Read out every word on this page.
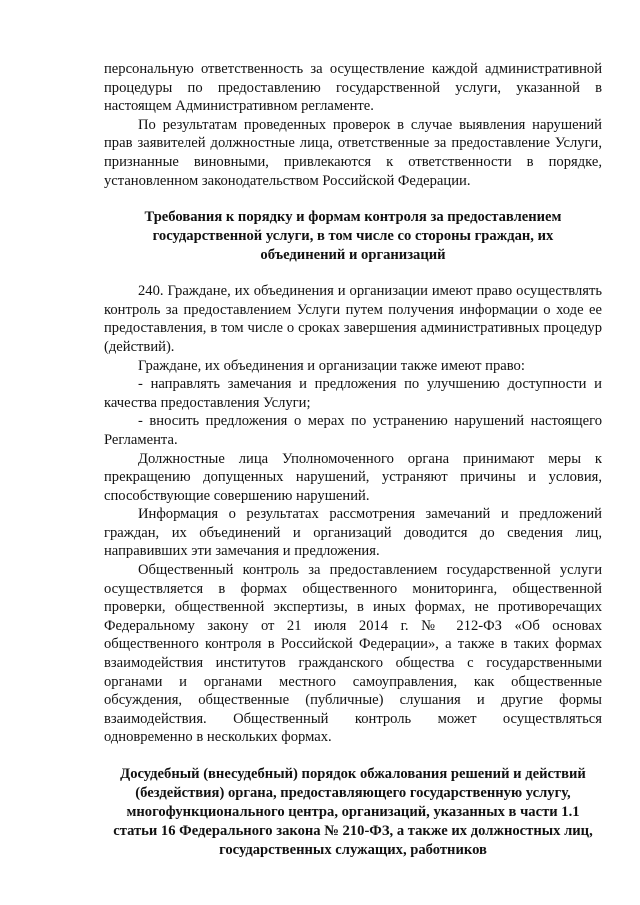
персональную ответственность за осуществление каждой административной процедуры по предоставлению государственной услуги, указанной в настоящем Административном регламенте.

По результатам проведенных проверок в случае выявления нарушений прав заявителей должностные лица, ответственные за предоставление Услуги, признанные виновными, привлекаются к ответственности в порядке, установленном законодательством Российской Федерации.

Требования к порядку и формам контроля за предоставлением государственной услуги, в том числе со стороны граждан, их объединений и организаций

240. Граждане, их объединения и организации имеют право осуществлять контроль за предоставлением Услуги путем получения информации о ходе ее предоставления, в том числе о сроках завершения административных процедур (действий).

Граждане, их объединения и организации также имеют право:

- направлять замечания и предложения по улучшению доступности и качества предоставления Услуги;

- вносить предложения о мерах по устранению нарушений настоящего Регламента.

Должностные лица Уполномоченного органа принимают меры к прекращению допущенных нарушений, устраняют причины и условия, способствующие совершению нарушений.

Информация о результатах рассмотрения замечаний и предложений граждан, их объединений и организаций доводится до сведения лиц, направивших эти замечания и предложения.

Общественный контроль за предоставлением государственной услуги осуществляется в формах общественного мониторинга, общественной проверки, общественной экспертизы, в иных формах, не противоречащих Федеральному закону от 21 июля 2014 г. № 212-ФЗ «Об основах общественного контроля в Российской Федерации», а также в таких формах взаимодействия институтов гражданского общества с государственными органами и органами местного самоуправления, как общественные обсуждения, общественные (публичные) слушания и другие формы взаимодействия. Общественный контроль может осуществляться одновременно в нескольких формах.

Досудебный (внесудебный) порядок обжалования решений и действий (бездействия) органа, предоставляющего государственную услугу, многофункционального центра, организаций, указанных в части 1.1 статьи 16 Федерального закона № 210-ФЗ, а также их должностных лиц, государственных служащих, работников
